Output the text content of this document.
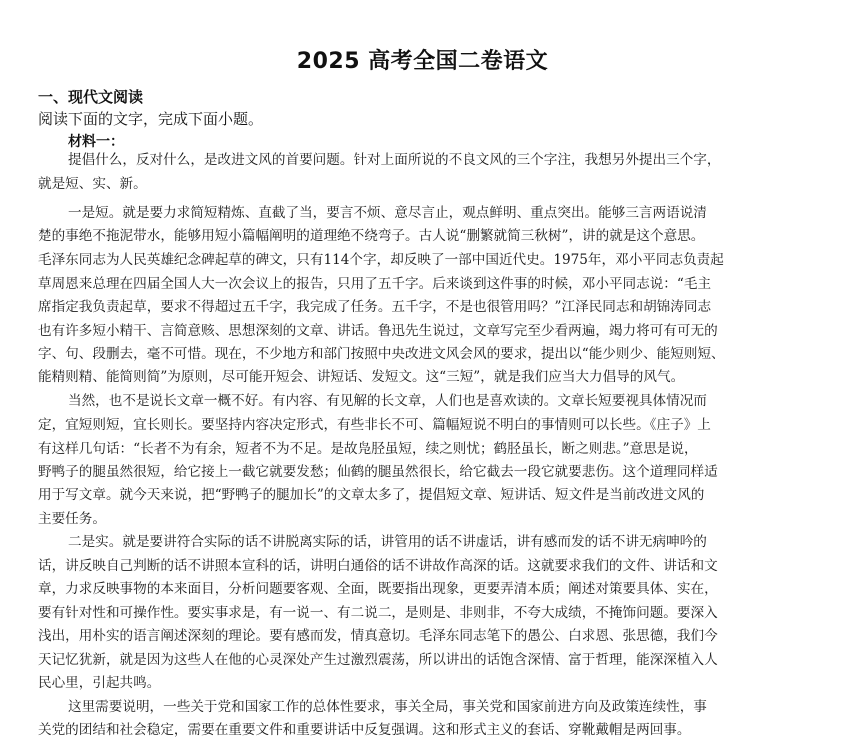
2025 高考全国二卷语文
一、现代文阅读
阅读下面的文字，完成下面小题。
材料一：
提倡什么，反对什么，是改进文风的首要问题。针对上面所说的不良文风的三个字注，我想另外提出三个字，
就是短、实、新。
一是短。就是要力求简短精炼、直截了当，要言不烦、意尽言止，观点鲜明、重点突出。能够三言两语说清
楚的事绝不拖泥带水，能够用短小篇幅阐明的道理绝不绕弯子。古人说“删繁就简三秋树”，讲的就是这个意思。
毛泽东同志为人民英雄纪念碑起草的碑文，只有114个字，却反映了一部中国近代史。1975年，邓小平同志负责起
草周恩来总理在四届全国人大一次会议上的报告，只用了五千字。后来谈到这件事的时候，邓小平同志说：“毛主
席指定我负责起草，要求不得超过五千字，我完成了任务。五千字，不是也很管用吗？”江泽民同志和胡锦涛同志
也有许多短小精干、言简意赅、思想深刻的文章、讲话。鲁迅先生说过，文章写完至少看两遍，竭力将可有可无的
字、句、段删去，毫不可惜。现在，不少地方和部门按照中央改进文风会风的要求，提出以“能少则少、能短则短、
能精则精、能简则简”为原则，尽可能开短会、讲短话、发短文。这“三短”，就是我们应当大力倡导的风气。
当然，也不是说长文章一概不好。有内容、有见解的长文章，人们也是喜欢读的。文章长短要视具体情况而
定，宜短则短，宜长则长。要坚持内容决定形式，有些非长不可、篇幅短说不明白的事情则可以长些。《庄子》上
有这样几句话：“长者不为有余，短者不为不足。是故凫胫虽短，续之则忧；鹤胫虽长，断之则悲。”意思是说，
野鸭子的腿虽然很短，给它接上一截它就要发愁；仙鹤的腿虽然很长，给它截去一段它就要悲伤。这个道理同样适
用于写文章。就今天来说，把“野鸭子的腿加长”的文章太多了，提倡短文章、短讲话、短文件是当前改进文风的
主要任务。
二是实。就是要讲符合实际的话不讲脱离实际的话，讲管用的话不讲虚话，讲有感而发的话不讲无病呻吟的
话，讲反映自己判断的话不讲照本宣科的话，讲明白通俗的话不讲故作高深的话。这就要求我们的文件、讲话和文
章，力求反映事物的本来面目，分析问题要客观、全面，既要指出现象，更要弄清本质；阐述对策要具体、实在，
要有针对性和可操作性。要实事求是，有一说一、有二说二，是则是、非则非，不夸大成绩，不掩饰问题。要深入
浅出，用朴实的语言阐述深刻的理论。要有感而发，情真意切。毛泽东同志笔下的愚公、白求恩、张思德，我们今
天记忆犹新，就是因为这些人在他的心灵深处产生过激烈震荡，所以讲出的话饱含深情、富于哲理，能深深植入人
民心里，引起共鸣。
这里需要说明，一些关于党和国家工作的总体性要求，事关全局，事关党和国家前进方向及政策连续性，事
关党的团结和社会稳定，需要在重要文件和重要讲话中反复强调。这和形式主义的套话、穿靴戴帽是两回事。
